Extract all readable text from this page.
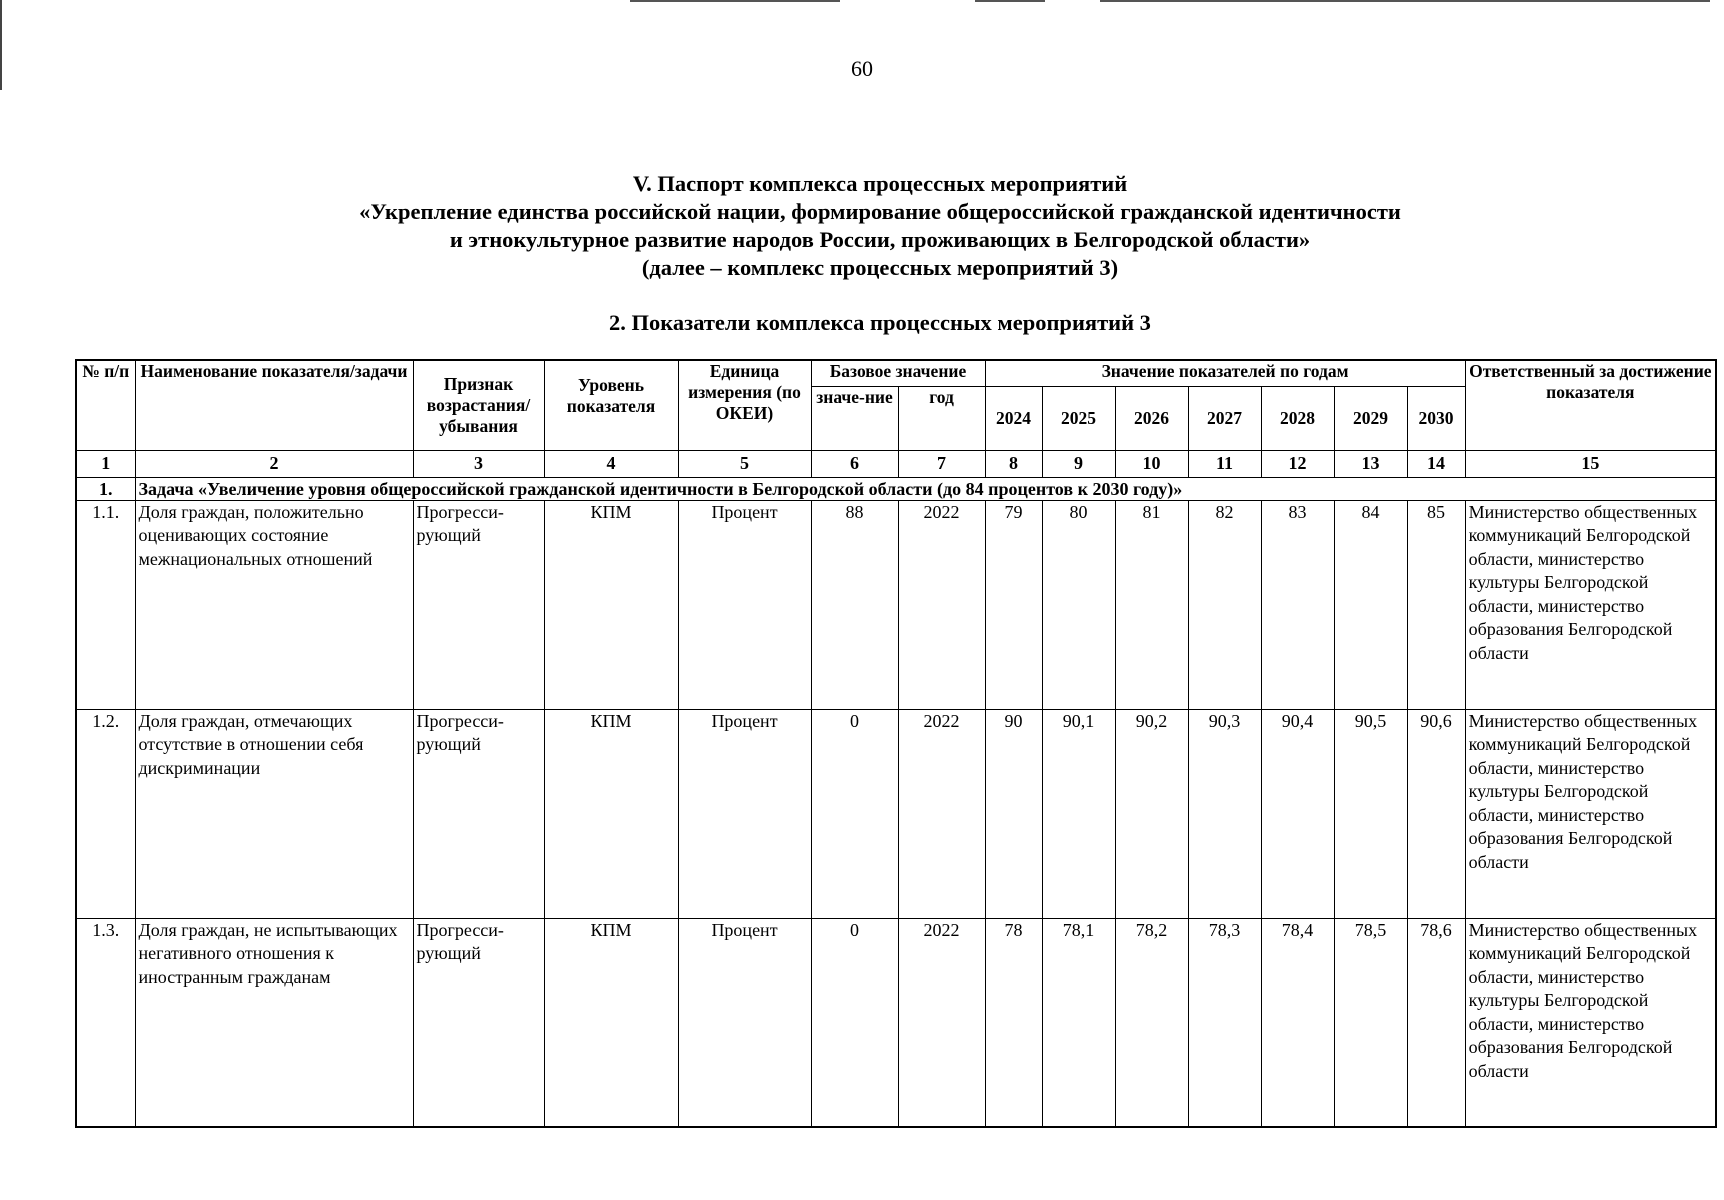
60
V. Паспорт комплекса процессных мероприятий
«Укрепление единства российской нации, формирование общероссийской гражданской идентичности
и этнокультурное развитие народов России, проживающих в Белгородской области»
(далее – комплекс процессных мероприятий 3)
2. Показатели комплекса процессных мероприятий 3
№ п/п	Наименование показателя/задачи	Признак возрастания/ убывания	Уровень показателя	Единица измерения (по ОКЕИ)	Базовое значение		Значение показателей по годам							Ответственный за достижение показателя
					значе-ние	год	2024	2025	2026	2027	2028	2029	2030	
1	2	3	4	5	6	7	8	9	10	11	12	13	14	15
1.	Задача «Увеличение уровня общероссийской гражданской идентичности в Белгородской области (до 84 процентов к 2030 году)»													
1.1.	Доля граждан, положительно оценивающих состояние межнациональных отношений	Прогресси-рующий	КПМ	Процент	88	2022	79	80	81	82	83	84	85	Министерство общественных коммуникаций Белгородской области, министерство культуры Белгородской области, министерство образования Белгородской области
1.2.	Доля граждан, отмечающих отсутствие в отношении себя дискриминации	Прогресси-рующий	КПМ	Процент	0	2022	90	90,1	90,2	90,3	90,4	90,5	90,6	Министерство общественных коммуникаций Белгородской области, министерство культуры Белгородской области, министерство образования Белгородской области
1.3.	Доля граждан, не испытывающих негативного отношения к иностранным гражданам	Прогресси-рующий	КПМ	Процент	0	2022	78	78,1	78,2	78,3	78,4	78,5	78,6	Министерство общественных коммуникаций Белгородской области, министерство культуры Белгородской области, министерство образования Белгородской области
